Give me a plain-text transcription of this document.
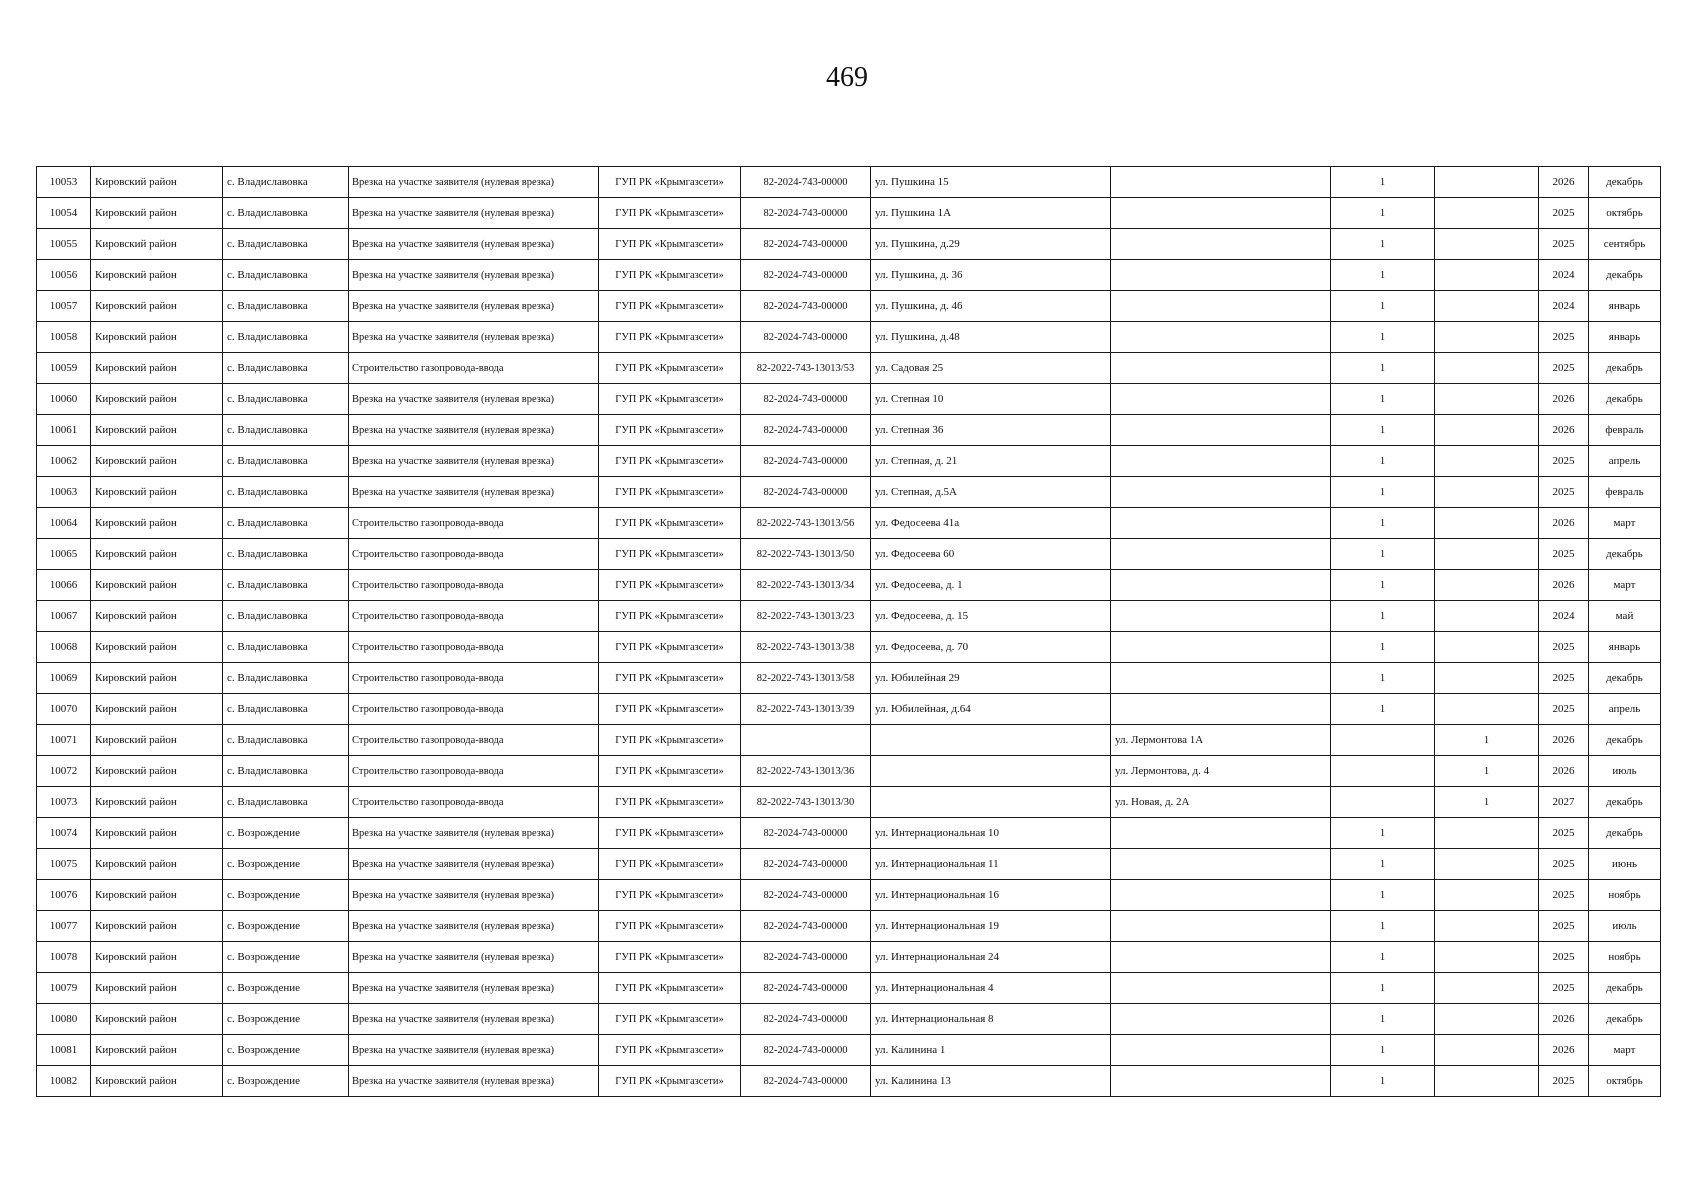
469
10053	Кировский район	с. Владиславовка	Врезка на участке заявителя (нулевая врезка)	ГУП РК «Крымгазсети»	82-2024-743-00000	ул. Пушкина 15		1		2026	декабрь
10054	Кировский район	с. Владиславовка	Врезка на участке заявителя (нулевая врезка)	ГУП РК «Крымгазсети»	82-2024-743-00000	ул. Пушкина 1А		1		2025	октябрь
10055	Кировский район	с. Владиславовка	Врезка на участке заявителя (нулевая врезка)	ГУП РК «Крымгазсети»	82-2024-743-00000	ул. Пушкина, д.29		1		2025	сентябрь
10056	Кировский район	с. Владиславовка	Врезка на участке заявителя (нулевая врезка)	ГУП РК «Крымгазсети»	82-2024-743-00000	ул. Пушкина, д. 36		1		2024	декабрь
10057	Кировский район	с. Владиславовка	Врезка на участке заявителя (нулевая врезка)	ГУП РК «Крымгазсети»	82-2024-743-00000	ул. Пушкина, д. 46		1		2024	январь
10058	Кировский район	с. Владиславовка	Врезка на участке заявителя (нулевая врезка)	ГУП РК «Крымгазсети»	82-2024-743-00000	ул. Пушкина, д.48		1		2025	январь
10059	Кировский район	с. Владиславовка	Строительство газопровода-ввода	ГУП РК «Крымгазсети»	82-2022-743-13013/53	ул. Садовая 25		1		2025	декабрь
10060	Кировский район	с. Владиславовка	Врезка на участке заявителя (нулевая врезка)	ГУП РК «Крымгазсети»	82-2024-743-00000	ул. Степная 10		1		2026	декабрь
10061	Кировский район	с. Владиславовка	Врезка на участке заявителя (нулевая врезка)	ГУП РК «Крымгазсети»	82-2024-743-00000	ул. Степная 36		1		2026	февраль
10062	Кировский район	с. Владиславовка	Врезка на участке заявителя (нулевая врезка)	ГУП РК «Крымгазсети»	82-2024-743-00000	ул. Степная, д. 21		1		2025	апрель
10063	Кировский район	с. Владиславовка	Врезка на участке заявителя (нулевая врезка)	ГУП РК «Крымгазсети»	82-2024-743-00000	ул. Степная, д.5А		1		2025	февраль
10064	Кировский район	с. Владиславовка	Строительство газопровода-ввода	ГУП РК «Крымгазсети»	82-2022-743-13013/56	ул. Федосеева 41а		1		2026	март
10065	Кировский район	с. Владиславовка	Строительство газопровода-ввода	ГУП РК «Крымгазсети»	82-2022-743-13013/50	ул. Федосеева 60		1		2025	декабрь
10066	Кировский район	с. Владиславовка	Строительство газопровода-ввода	ГУП РК «Крымгазсети»	82-2022-743-13013/34	ул. Федосеева, д. 1		1		2026	март
10067	Кировский район	с. Владиславовка	Строительство газопровода-ввода	ГУП РК «Крымгазсети»	82-2022-743-13013/23	ул. Федосеева, д. 15		1		2024	май
10068	Кировский район	с. Владиславовка	Строительство газопровода-ввода	ГУП РК «Крымгазсети»	82-2022-743-13013/38	ул. Федосеева, д. 70		1		2025	январь
10069	Кировский район	с. Владиславовка	Строительство газопровода-ввода	ГУП РК «Крымгазсети»	82-2022-743-13013/58	ул. Юбилейная 29		1		2025	декабрь
10070	Кировский район	с. Владиславовка	Строительство газопровода-ввода	ГУП РК «Крымгазсети»	82-2022-743-13013/39	ул. Юбилейная, д.64		1		2025	апрель
10071	Кировский район	с. Владиславовка	Строительство газопровода-ввода	ГУП РК «Крымгазсети»			ул. Лермонтова 1А		1	2026	декабрь
10072	Кировский район	с. Владиславовка	Строительство газопровода-ввода	ГУП РК «Крымгазсети»	82-2022-743-13013/36		ул. Лермонтова, д. 4		1	2026	июль
10073	Кировский район	с. Владиславовка	Строительство газопровода-ввода	ГУП РК «Крымгазсети»	82-2022-743-13013/30		ул. Новая, д. 2А		1	2027	декабрь
10074	Кировский район	с. Возрождение	Врезка на участке заявителя (нулевая врезка)	ГУП РК «Крымгазсети»	82-2024-743-00000	ул. Интернациональная 10		1		2025	декабрь
10075	Кировский район	с. Возрождение	Врезка на участке заявителя (нулевая врезка)	ГУП РК «Крымгазсети»	82-2024-743-00000	ул. Интернациональная 11		1		2025	июнь
10076	Кировский район	с. Возрождение	Врезка на участке заявителя (нулевая врезка)	ГУП РК «Крымгазсети»	82-2024-743-00000	ул. Интернациональная 16		1		2025	ноябрь
10077	Кировский район	с. Возрождение	Врезка на участке заявителя (нулевая врезка)	ГУП РК «Крымгазсети»	82-2024-743-00000	ул. Интернациональная 19		1		2025	июль
10078	Кировский район	с. Возрождение	Врезка на участке заявителя (нулевая врезка)	ГУП РК «Крымгазсети»	82-2024-743-00000	ул. Интернациональная 24		1		2025	ноябрь
10079	Кировский район	с. Возрождение	Врезка на участке заявителя (нулевая врезка)	ГУП РК «Крымгазсети»	82-2024-743-00000	ул. Интернациональная 4		1		2025	декабрь
10080	Кировский район	с. Возрождение	Врезка на участке заявителя (нулевая врезка)	ГУП РК «Крымгазсети»	82-2024-743-00000	ул. Интернациональная 8		1		2026	декабрь
10081	Кировский район	с. Возрождение	Врезка на участке заявителя (нулевая врезка)	ГУП РК «Крымгазсети»	82-2024-743-00000	ул. Калинина 1		1		2026	март
10082	Кировский район	с. Возрождение	Врезка на участке заявителя (нулевая врезка)	ГУП РК «Крымгазсети»	82-2024-743-00000	ул. Калинина 13		1		2025	октябрь
